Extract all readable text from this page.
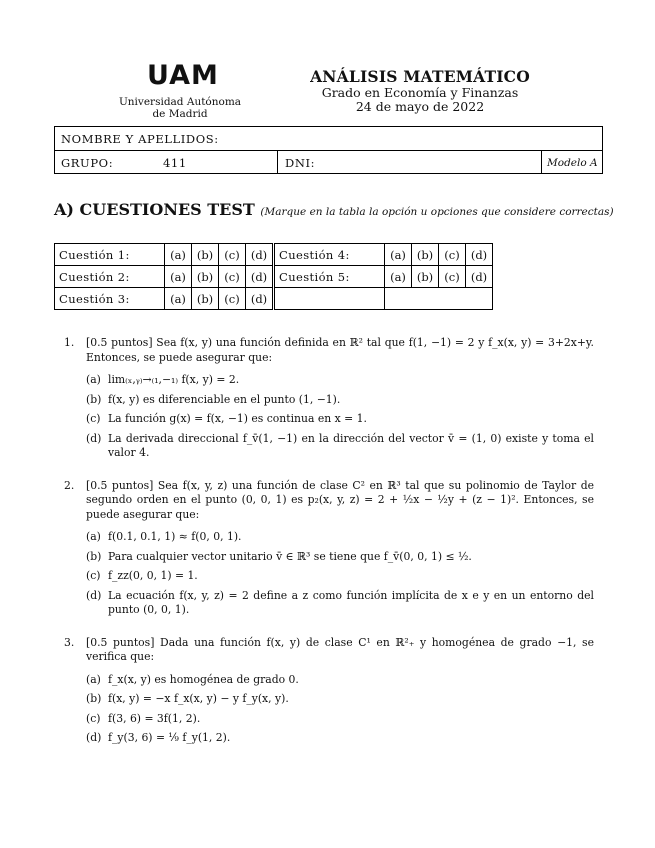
UAM
Universidad Autónoma
de Madrid
ANÁLISIS MATEMÁTICO
Grado en Economía y Finanzas
24 de mayo de 2022
NOMBRE Y APELLIDOS:
GRUPO:	411	DNI:	Modelo A
A) CUESTIONES TEST (Marque en la tabla la opción u opciones que considere correctas)
Cuestión 1:	(a)	(b)	(c)	(d)	Cuestión 4:	(a)	(b)	(c)	(d)
Cuestión 2:	(a)	(b)	(c)	(d)	Cuestión 5:	(a)	(b)	(c)	(d)
Cuestión 3:	(a)	(b)	(c)	(d)					
1.	[0.5 puntos] Sea f(x, y) una función definida en ℝ² tal que f(1, −1) = 2 y f_x(x, y) = 3+2x+y. Entonces, se puede asegurar que:
(a) lim₍ₓ,ᵧ₎→₍₁,−₁₎ f(x, y) = 2.
(b) f(x, y) es diferenciable en el punto (1, −1).
(c) La función g(x) = f(x, −1) es continua en x = 1.
(d) La derivada direccional f_v̄(1, −1) en la dirección del vector v̄ = (1, 0) existe y toma el valor 4.
2.	[0.5 puntos] Sea f(x, y, z) una función de clase C² en ℝ³ tal que su polinomio de Taylor de segundo orden en el punto (0, 0, 1) es p₂(x, y, z) = 2 + ½x − ½y + (z − 1)². Entonces, se puede asegurar que:
(a) f(0.1, 0.1, 1) ≈ f(0, 0, 1).
(b) Para cualquier vector unitario v̄ ∈ ℝ³ se tiene que f_v̄(0, 0, 1) ≤ ½.
(c) f_zz(0, 0, 1) = 1.
(d) La ecuación f(x, y, z) = 2 define a z como función implícita de x e y en un entorno del punto (0, 0, 1).
3.	[0.5 puntos] Dada una función f(x, y) de clase C¹ en ℝ²₊ y homogénea de grado −1, se verifica que:
(a) f_x(x, y) es homogénea de grado 0.
(b) f(x, y) = −x f_x(x, y) − y f_y(x, y).
(c) f(3, 6) = 3f(1, 2).
(d) f_y(3, 6) = ⅑ f_y(1, 2).
